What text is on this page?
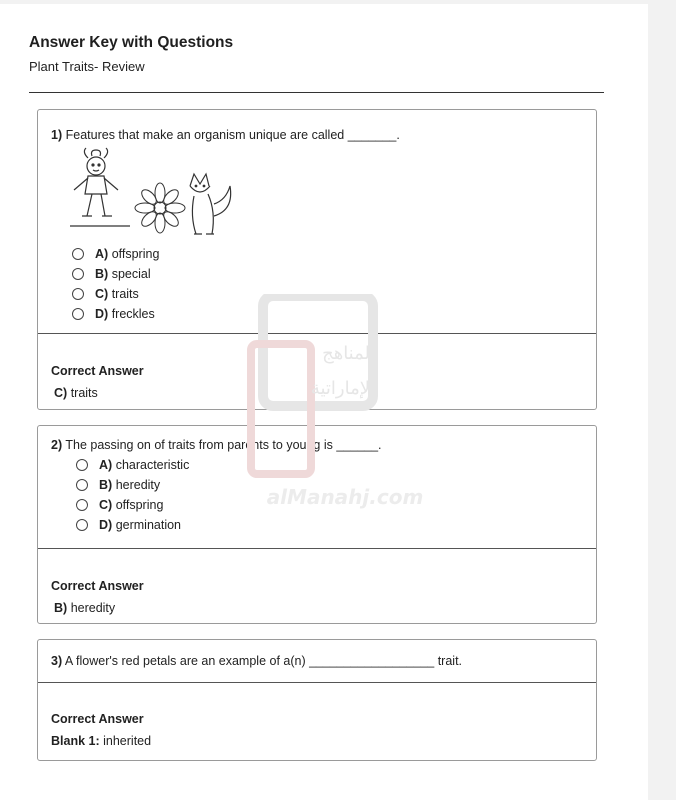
Answer Key with Questions
Plant Traits- Review
1) Features that make an organism unique are called _______.
A) offspring
B) special
C) traits
D) freckles
Correct Answer
C) traits
2) The passing on of traits from parents to young is ______.
A) characteristic
B) heredity
C) offspring
D) germination
Correct Answer
B) heredity
3) A flower's red petals are an example of a(n) __________________ trait.
Correct Answer
Blank 1: inherited
المناهج
الإماراتية
alManahj.com
